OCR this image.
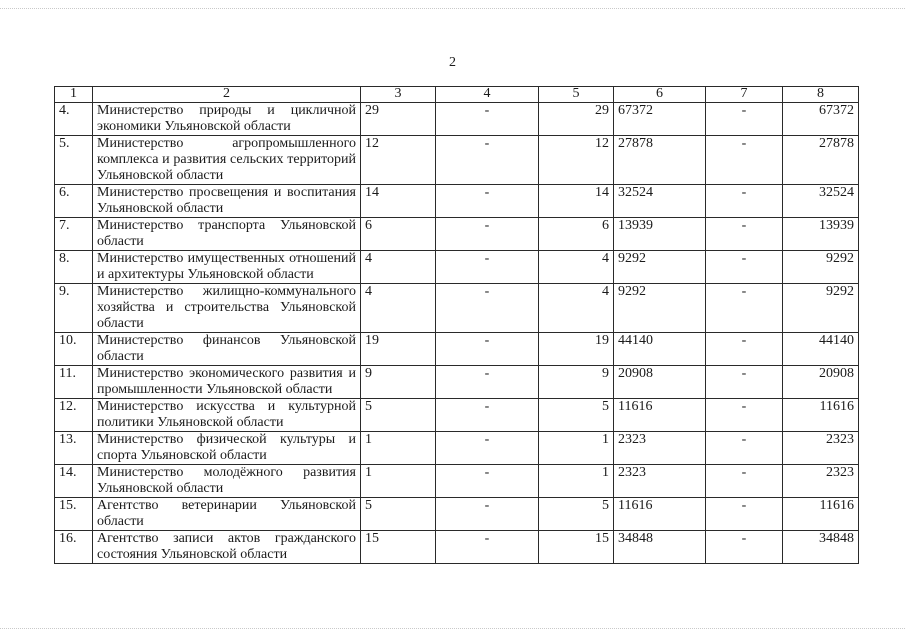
2
1	2	3	4	5	6	7	8
4.	Министерство природы и цикличной экономики Ульяновской области	29	-	29	67372	-	67372
5.	Министерство агропромышленного комплекса и развития сельских территорий Ульяновской области	12	-	12	27878	-	27878
6.	Министерство просвещения и воспитания Ульяновской области	14	-	14	32524	-	32524
7.	Министерство транспорта Ульяновской области	6	-	6	13939	-	13939
8.	Министерство имущественных отношений и архитектуры Ульяновской области	4	-	4	9292	-	9292
9.	Министерство жилищно-коммунального хозяйства и строительства Ульяновской области	4	-	4	9292	-	9292
10.	Министерство финансов Ульяновской области	19	-	19	44140	-	44140
11.	Министерство экономического развития и промышленности Ульяновской области	9	-	9	20908	-	20908
12.	Министерство искусства и культурной политики Ульяновской области	5	-	5	11616	-	11616
13.	Министерство физической культуры и спорта Ульяновской области	1	-	1	2323	-	2323
14.	Министерство молодёжного развития Ульяновской области	1	-	1	2323	-	2323
15.	Агентство ветеринарии Ульяновской области	5	-	5	11616	-	11616
16.	Агентство записи актов гражданского состояния Ульяновской области	15	-	15	34848	-	34848
